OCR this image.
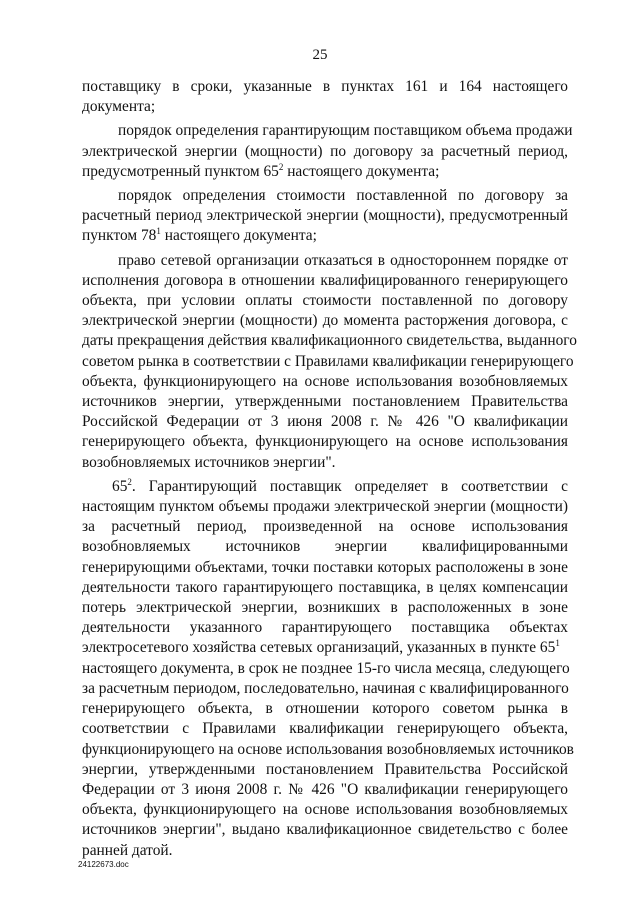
25
поставщику в сроки, указанные в пунктах 161 и 164 настоящего
документа;
порядок определения гарантирующим поставщиком объема продажи
электрической энергии (мощности) по договору за расчетный период,
предусмотренный пунктом $65^2$ настоящего документа;
порядок определения стоимости поставленной по договору за
расчетный период электрической энергии (мощности), предусмотренный
пунктом $78^1$ настоящего документа;
право сетевой организации отказаться в одностороннем порядке от
исполнения договора в отношении квалифицированного генерирующего
объекта, при условии оплаты стоимости поставленной по договору
электрической энергии (мощности) до момента расторжения договора, с
даты прекращения действия квалификационного свидетельства, выданного
советом рынка в соответствии с Правилами квалификации генерирующего
объекта, функционирующего на основе использования возобновляемых
источников энергии, утвержденными постановлением Правительства
Российской Федерации от 3 июня 2008 г. № 426 "О квалификации
генерирующего объекта, функционирующего на основе использования
возобновляемых источников энергии".
$65^2$. Гарантирующий поставщик определяет в соответствии с
настоящим пунктом объемы продажи электрической энергии (мощности)
за расчетный период, произведенной на основе использования
возобновляемых источников энергии квалифицированными
генерирующими объектами, точки поставки которых расположены в зоне
деятельности такого гарантирующего поставщика, в целях компенсации
потерь электрической энергии, возникших в расположенных в зоне
деятельности указанного гарантирующего поставщика объектах
электросетевого хозяйства сетевых организаций, указанных в пункте $65^1$
настоящего документа, в срок не позднее 15-го числа месяца, следующего
за расчетным периодом, последовательно, начиная с квалифицированного
генерирующего объекта, в отношении которого советом рынка в
соответствии с Правилами квалификации генерирующего объекта,
функционирующего на основе использования возобновляемых источников
энергии, утвержденными постановлением Правительства Российской
Федерации от 3 июня 2008 г. № 426 "О квалификации генерирующего
объекта, функционирующего на основе использования возобновляемых
источников энергии", выдано квалификационное свидетельство с более
ранней датой.
24122673.doc
